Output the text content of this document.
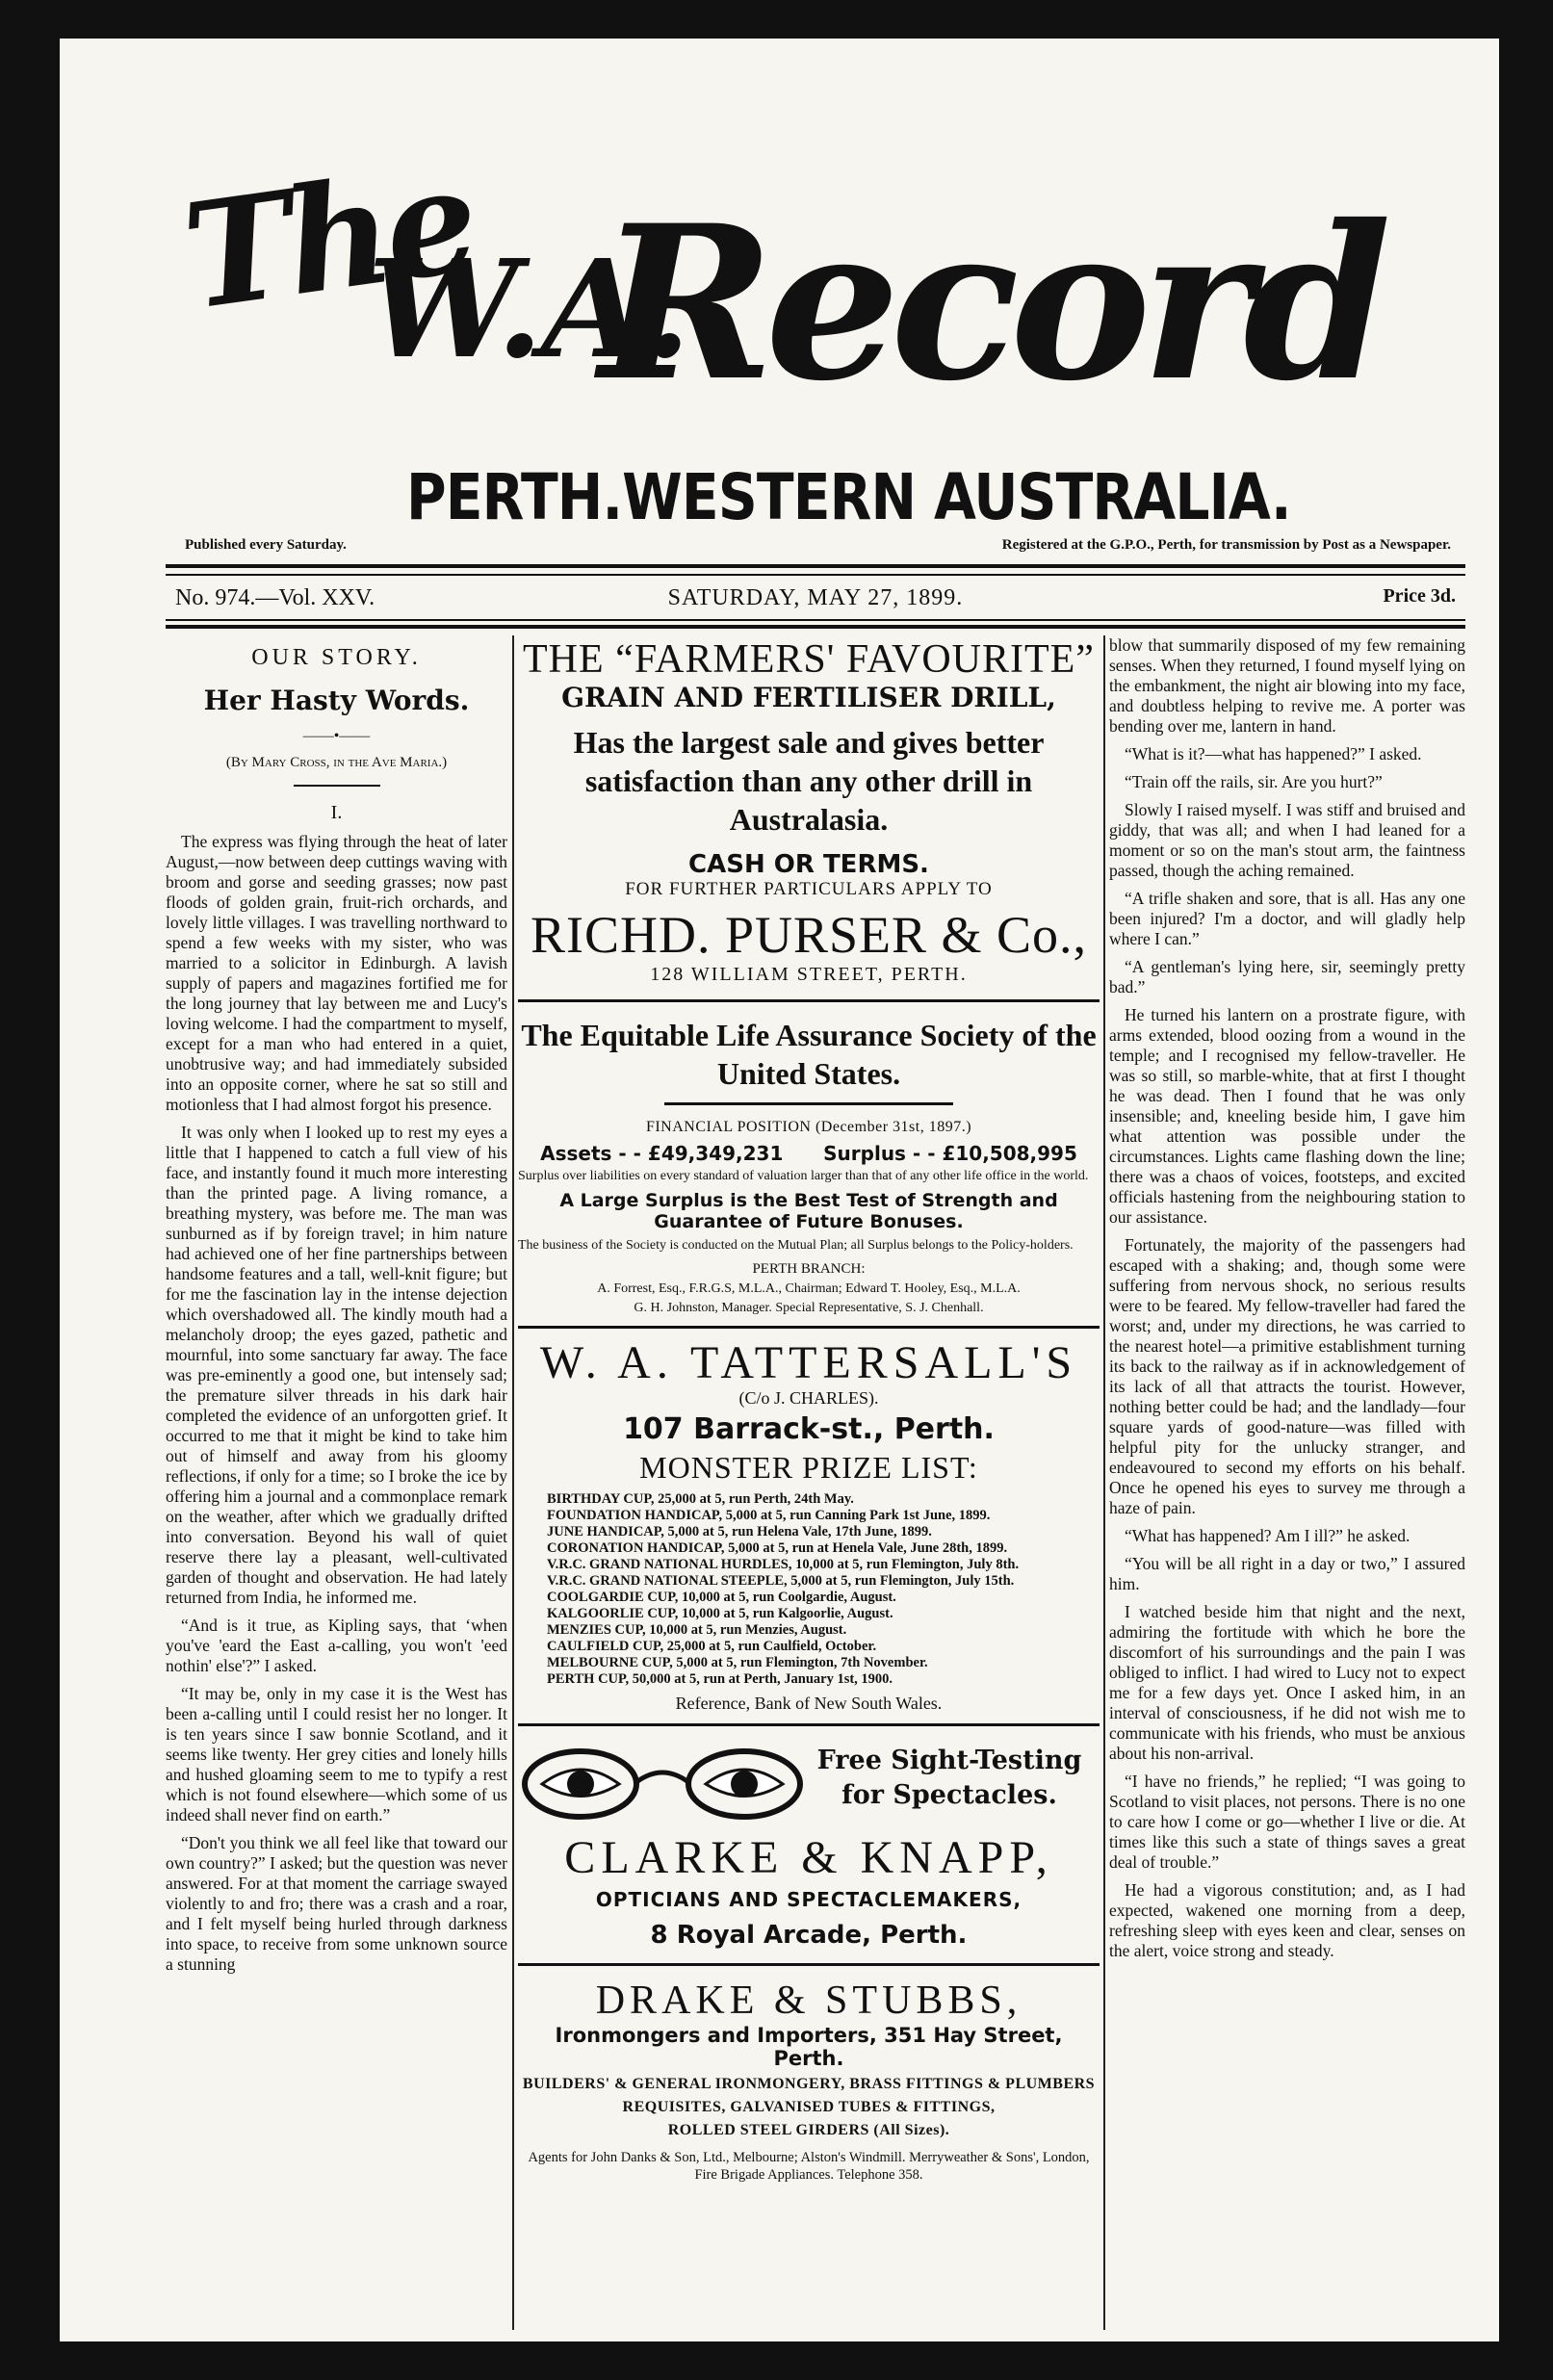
The
W.A.
Record
PERTH.WESTERN AUSTRALIA.
Published every Saturday.	Registered at the G.P.O., Perth, for transmission by Post as a Newspaper.
No. 974.—Vol. XXV.	SATURDAY, MAY 27, 1899.	Price 3d.
OUR STORY.
Her Hasty Words.
——•——
(By Mary Cross, in the Ave Maria.)
I.

The express was flying through the heat of later August,—now between deep cuttings waving with broom and gorse and seeding grasses; now past floods of golden grain, fruit-rich orchards, and lovely little villages. I was travelling northward to spend a few weeks with my sister, who was married to a solicitor in Edinburgh. A lavish supply of papers and magazines fortified me for the long journey that lay between me and Lucy's loving welcome. I had the compartment to myself, except for a man who had entered in a quiet, unobtrusive way; and had immediately subsided into an opposite corner, where he sat so still and motionless that I had almost forgot his presence.

It was only when I looked up to rest my eyes a little that I happened to catch a full view of his face, and instantly found it much more interesting than the printed page. A living romance, a breathing mystery, was before me. The man was sunburned as if by foreign travel; in him nature had achieved one of her fine partnerships between handsome features and a tall, well-knit figure; but for me the fascination lay in the intense dejection which overshadowed all. The kindly mouth had a melancholy droop; the eyes gazed, pathetic and mournful, into some sanctuary far away. The face was pre-eminently a good one, but intensely sad; the premature silver threads in his dark hair completed the evidence of an unforgotten grief. It occurred to me that it might be kind to take him out of himself and away from his gloomy reflections, if only for a time; so I broke the ice by offering him a journal and a commonplace remark on the weather, after which we gradually drifted into conversation. Beyond his wall of quiet reserve there lay a pleasant, well-cultivated garden of thought and observation. He had lately returned from India, he informed me.

“And is it true, as Kipling says, that ‘when you've 'eard the East a-calling, you won't 'eed nothin' else'?” I asked.

“It may be, only in my case it is the West has been a-calling until I could resist her no longer. It is ten years since I saw bonnie Scotland, and it seems like twenty. Her grey cities and lonely hills and hushed gloaming seem to me to typify a rest which is not found elsewhere—which some of us indeed shall never find on earth.”

“Don't you think we all feel like that toward our own country?” I asked; but the question was never answered. For at that moment the carriage swayed violently to and fro; there was a crash and a roar, and I felt myself being hurled through darkness into space, to receive from some unknown source a stunning

THE “FARMERS' FAVOURITE”
GRAIN AND FERTILISER DRILL,
Has the largest sale and gives better satisfaction than any other drill in Australasia.
CASH OR TERMS.
FOR FURTHER PARTICULARS APPLY TO
RICHD. PURSER & Co.,
128 WILLIAM STREET, PERTH.
The Equitable Life Assurance Society of the United States.
FINANCIAL POSITION (December 31st, 1897.)
Assets - - £49,349,231 Surplus - - £10,508,995
Surplus over liabilities on every standard of valuation larger than that of any other life office in the world.
A Large Surplus is the Best Test of Strength and Guarantee of Future Bonuses.
The business of the Society is conducted on the Mutual Plan; all Surplus belongs to the Policy-holders.
PERTH BRANCH:
A. Forrest, Esq., F.R.G.S, M.L.A., Chairman; Edward T. Hooley, Esq., M.L.A.
G. H. Johnston, Manager. Special Representative, S. J. Chenhall.
W. A. TATTERSALL'S
(C/o J. CHARLES).
107 Barrack-st., Perth.
MONSTER PRIZE LIST:
BIRTHDAY CUP, 25,000 at 5, run Perth, 24th May.
FOUNDATION HANDICAP, 5,000 at 5, run Canning Park 1st June, 1899.
JUNE HANDICAP, 5,000 at 5, run Helena Vale, 17th June, 1899.
CORONATION HANDICAP, 5,000 at 5, run at Henela Vale, June 28th, 1899.
V.R.C. GRAND NATIONAL HURDLES, 10,000 at 5, run Flemington, July 8th.
V.R.C. GRAND NATIONAL STEEPLE, 5,000 at 5, run Flemington, July 15th.
COOLGARDIE CUP, 10,000 at 5, run Coolgardie, August.
KALGOORLIE CUP, 10,000 at 5, run Kalgoorlie, August.
MENZIES CUP, 10,000 at 5, run Menzies, August.
CAULFIELD CUP, 25,000 at 5, run Caulfield, October.
MELBOURNE CUP, 5,000 at 5, run Flemington, 7th November.
PERTH CUP, 50,000 at 5, run at Perth, January 1st, 1900.
Reference, Bank of New South Wales.
Free Sight-Testing for Spectacles.
CLARKE & KNAPP,
OPTICIANS AND SPECTACLEMAKERS,
8 Royal Arcade, Perth.
DRAKE & STUBBS,
Ironmongers and Importers, 351 Hay Street, Perth.
BUILDERS' & GENERAL IRONMONGERY, BRASS FITTINGS & PLUMBERS
REQUISITES, GALVANISED TUBES & FITTINGS,
ROLLED STEEL GIRDERS (All Sizes).
Agents for John Danks & Son, Ltd., Melbourne; Alston's Windmill. Merryweather & Sons', London, Fire Brigade Appliances. Telephone 358.

blow that summarily disposed of my few remaining senses. When they returned, I found myself lying on the embankment, the night air blowing into my face, and doubtless helping to revive me. A porter was bending over me, lantern in hand.

“What is it?—what has happened?” I asked.

“Train off the rails, sir. Are you hurt?”

Slowly I raised myself. I was stiff and bruised and giddy, that was all; and when I had leaned for a moment or so on the man's stout arm, the faintness passed, though the aching remained.

“A trifle shaken and sore, that is all. Has any one been injured? I'm a doctor, and will gladly help where I can.”

“A gentleman's lying here, sir, seemingly pretty bad.”

He turned his lantern on a prostrate figure, with arms extended, blood oozing from a wound in the temple; and I recognised my fellow-traveller. He was so still, so marble-white, that at first I thought he was dead. Then I found that he was only insensible; and, kneeling beside him, I gave him what attention was possible under the circumstances. Lights came flashing down the line; there was a chaos of voices, footsteps, and excited officials hastening from the neighbouring station to our assistance.

Fortunately, the majority of the passengers had escaped with a shaking; and, though some were suffering from nervous shock, no serious results were to be feared. My fellow-traveller had fared the worst; and, under my directions, he was carried to the nearest hotel—a primitive establishment turning its back to the railway as if in acknowledgement of its lack of all that attracts the tourist. However, nothing better could be had; and the landlady—four square yards of good-nature—was filled with helpful pity for the unlucky stranger, and endeavoured to second my efforts on his behalf. Once he opened his eyes to survey me through a haze of pain.

“What has happened? Am I ill?” he asked.

“You will be all right in a day or two,” I assured him.

I watched beside him that night and the next, admiring the fortitude with which he bore the discomfort of his surroundings and the pain I was obliged to inflict. I had wired to Lucy not to expect me for a few days yet. Once I asked him, in an interval of consciousness, if he did not wish me to communicate with his friends, who must be anxious about his non-arrival.

“I have no friends,” he replied; “I was going to Scotland to visit places, not persons. There is no one to care how I come or go—whether I live or die. At times like this such a state of things saves a great deal of trouble.”

He had a vigorous constitution; and, as I had expected, wakened one morning from a deep, refreshing sleep with eyes keen and clear, senses on the alert, voice strong and steady.
